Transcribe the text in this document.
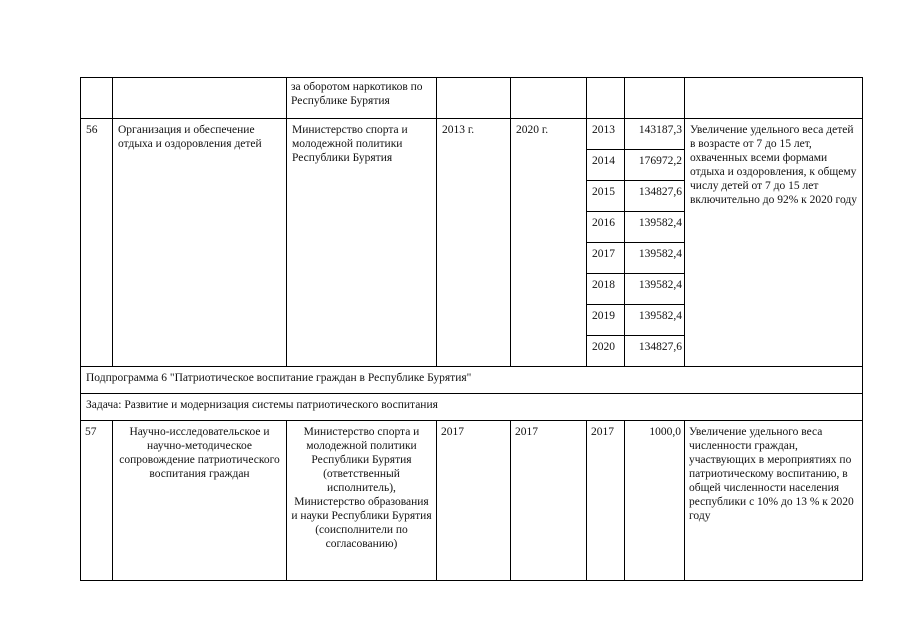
		за оборотом наркотиков по Республике Бурятия					
56	Организация и обеспечение отдыха и оздоровления детей	Министерство спорта и молодежной политики Республики Бурятия	2013 г.	2020 г.	2013	143187,3	Увеличение удельного веса детей в возрасте от 7 до 15 лет, охваченных всеми формами отдыха и оздоровления, к общему числу детей от 7 до 15 лет включительно до 92% к 2020 году
					2014	176972,2	
					2015	134827,6	
					2016	139582,4	
					2017	139582,4	
					2018	139582,4	
					2019	139582,4	
					2020	134827,6	
Подпрограмма 6 "Патриотическое воспитание граждан в Республике Бурятия"							
Задача: Развитие и модернизация системы патриотического воспитания							
57	Научно-исследовательское и научно-методическое сопровождение патриотического воспитания граждан	Министерство спорта и молодежной политики Республики Бурятия (ответственный исполнитель), Министерство образования и науки Республики Бурятия (соисполнители по согласованию)	2017	2017	2017	1000,0	Увеличение удельного веса численности граждан, участвующих в мероприятиях по патриотическому воспитанию, в общей численности населения республики с 10% до 13 % к 2020 году
